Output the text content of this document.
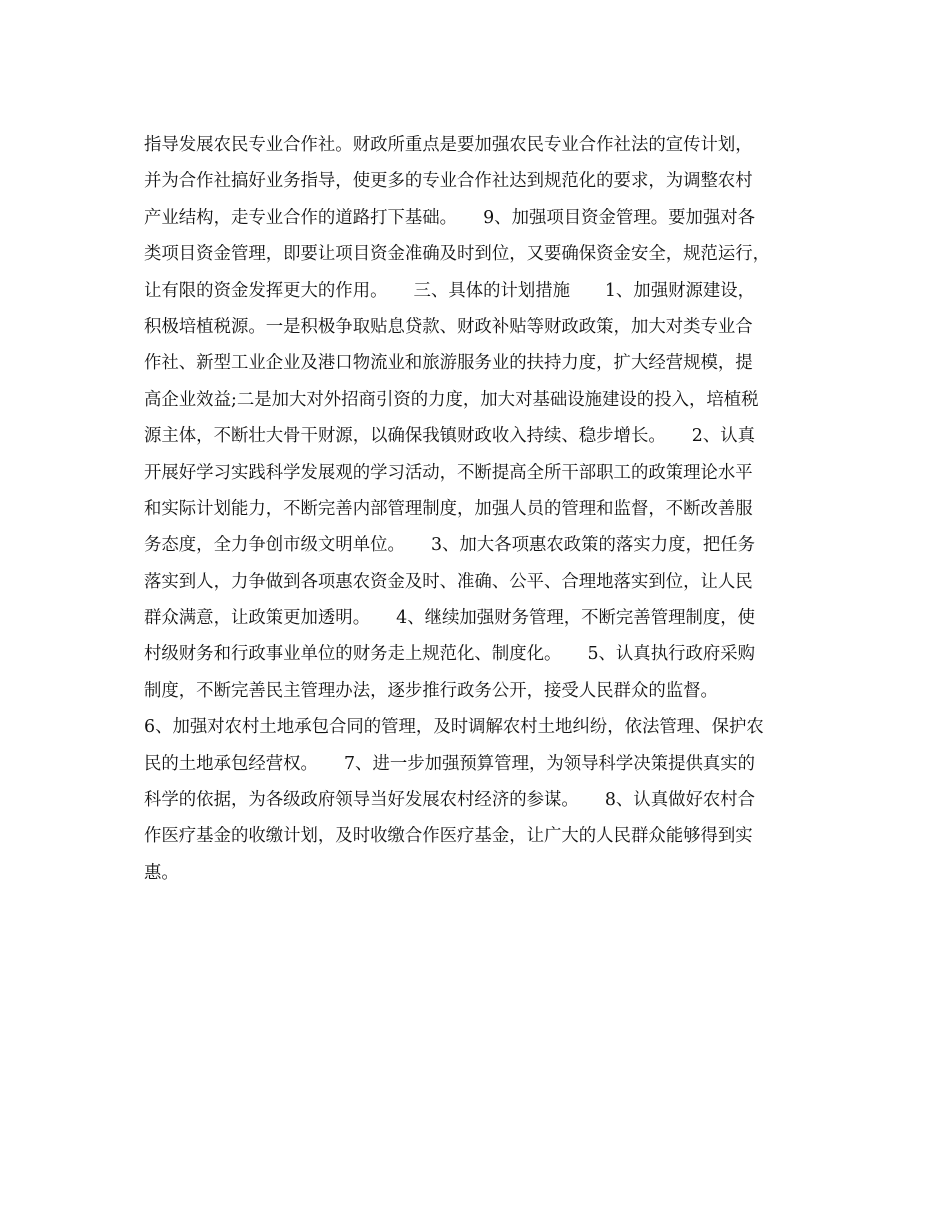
指导发展农民专业合作社。财政所重点是要加强农民专业合作社法的宣传计划，
并为合作社搞好业务指导，使更多的专业合作社达到规范化的要求，为调整农村
产业结构，走专业合作的道路打下基础。　　9、加强项目资金管理。要加强对各
类项目资金管理，即要让项目资金准确及时到位，又要确保资金安全，规范运行，
让有限的资金发挥更大的作用。　　三、具体的计划措施　　1、加强财源建设，
积极培植税源。一是积极争取贴息贷款、财政补贴等财政政策，加大对类专业合
作社、新型工业企业及港口物流业和旅游服务业的扶持力度，扩大经营规模，提
高企业效益;二是加大对外招商引资的力度，加大对基础设施建设的投入，培植税
源主体，不断壮大骨干财源，以确保我镇财政收入持续、稳步增长。　　2、认真
开展好学习实践科学发展观的学习活动，不断提高全所干部职工的政策理论水平
和实际计划能力，不断完善内部管理制度，加强人员的管理和监督，不断改善服
务态度，全力争创市级文明单位。　　3、加大各项惠农政策的落实力度，把任务
落实到人，力争做到各项惠农资金及时、准确、公平、合理地落实到位，让人民
群众满意，让政策更加透明。　　4、继续加强财务管理，不断完善管理制度，使
村级财务和行政事业单位的财务走上规范化、制度化。　　5、认真执行政府采购
制度，不断完善民主管理办法，逐步推行政务公开，接受人民群众的监督。
6、加强对农村土地承包合同的管理，及时调解农村土地纠纷，依法管理、保护农
民的土地承包经营权。　　7、进一步加强预算管理，为领导科学决策提供真实的
科学的依据，为各级政府领导当好发展农村经济的参谋。　　8、认真做好农村合
作医疗基金的收缴计划，及时收缴合作医疗基金，让广大的人民群众能够得到实
惠。
